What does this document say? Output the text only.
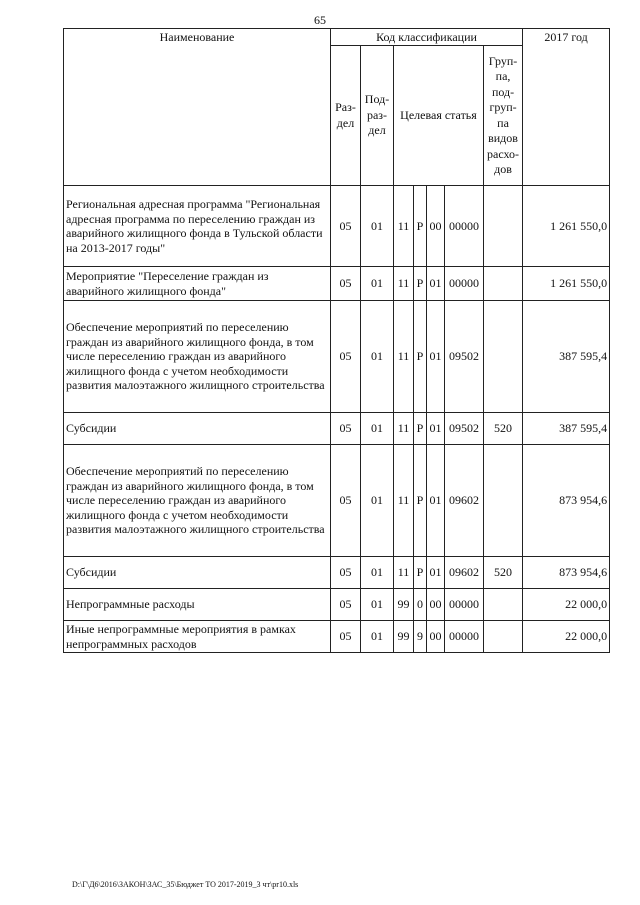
65
Наименование	Код классификации							2017 год
	Раз- дел	Под- раз- дел	Целевая статья				Груп- па, под- груп- па видов расхо- дов	
Региональная адресная программа "Региональная адресная программа по переселению граждан из аварийного жилищного фонда в Тульской области на 2013-2017 годы"	05	01	11	Р	00	00000		1 261 550,0
Мероприятие "Переселение граждан из аварийного жилищного фонда"	05	01	11	Р	01	00000		1 261 550,0
Обеспечение мероприятий по переселению граждан из аварийного жилищного фонда, в том числе переселению граждан из аварийного жилищного фонда с учетом необходимости развития малоэтажного жилищного строительства	05	01	11	Р	01	09502		387 595,4
Субсидии	05	01	11	Р	01	09502	520	387 595,4
Обеспечение мероприятий по переселению граждан из аварийного жилищного фонда, в том числе переселению граждан из аварийного жилищного фонда с учетом необходимости развития малоэтажного жилищного строительства	05	01	11	Р	01	09602		873 954,6
Субсидии	05	01	11	Р	01	09602	520	873 954,6
Непрограммные расходы	05	01	99	0	00	00000		22 000,0
Иные непрограммные мероприятия в рамках непрограммных расходов	05	01	99	9	00	00000		22 000,0
D:\Г\Д6\2016\ЗАКОН\ЗАС_35\Бюджет ТО 2017-2019_3 чт\pr10.xls
